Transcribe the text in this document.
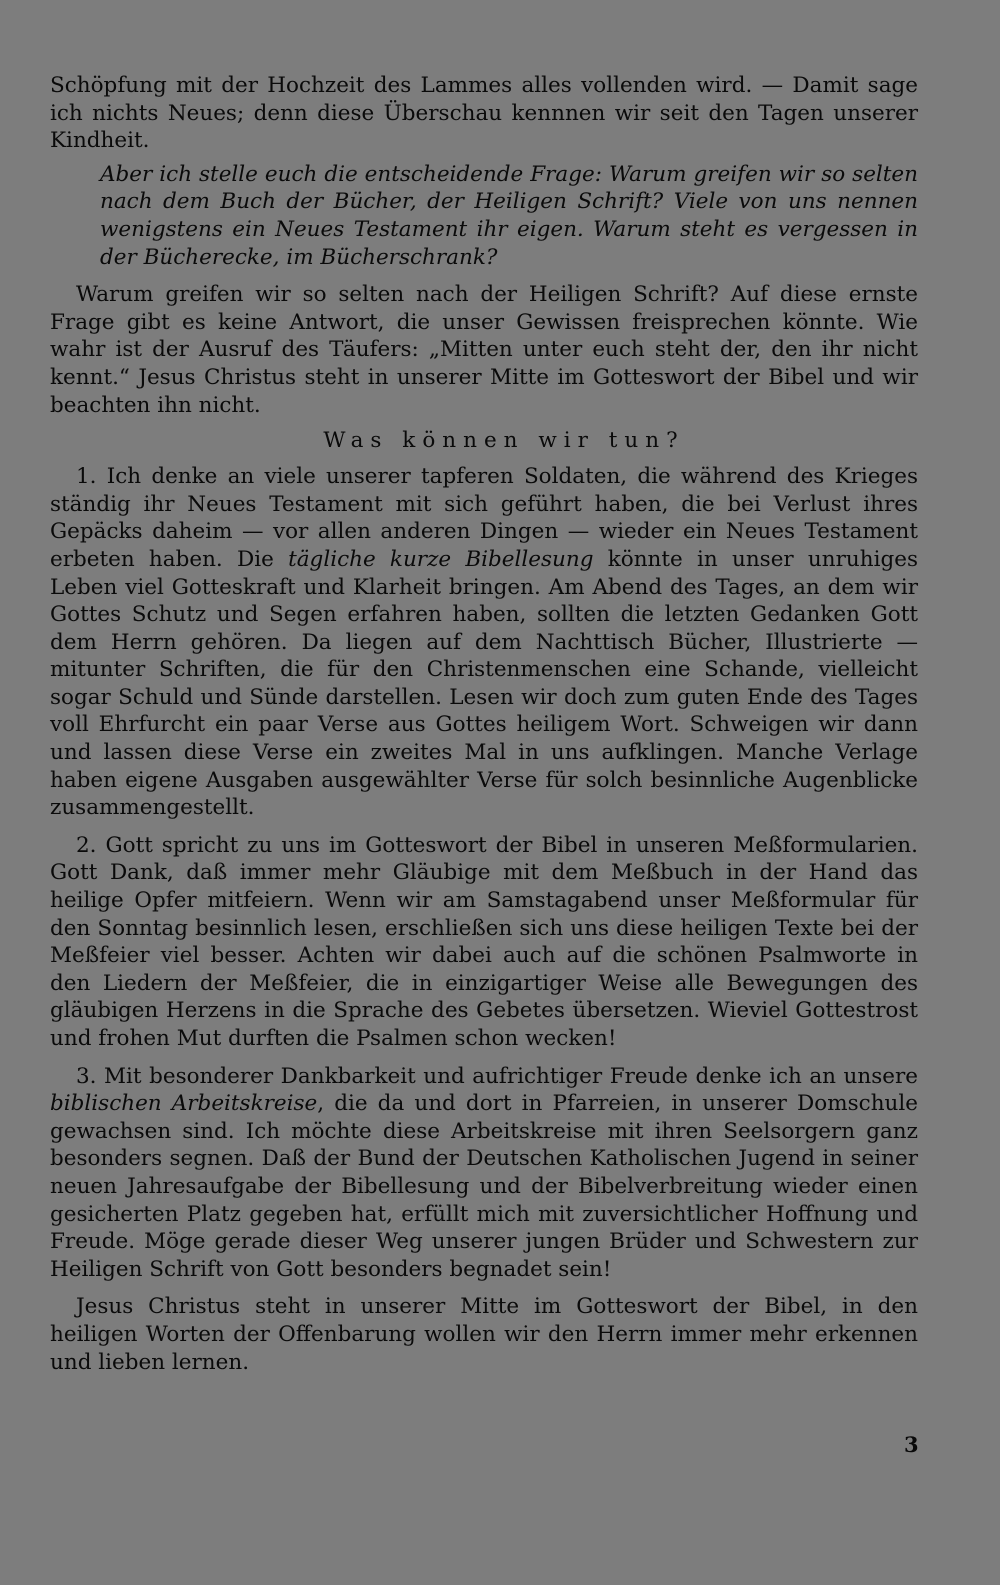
Schöpfung mit der Hochzeit des Lammes alles vollenden wird. — Damit sage ich nichts Neues; denn diese Überschau kennnen wir seit den Tagen unserer Kindheit.

Aber ich stelle euch die entscheidende Frage: Warum greifen wir so selten nach dem Buch der Bücher, der Heiligen Schrift? Viele von uns nennen wenigstens ein Neues Testament ihr eigen. Warum steht es vergessen in der Bücherecke, im Bücherschrank?

Warum greifen wir so selten nach der Heiligen Schrift? Auf diese ernste Frage gibt es keine Antwort, die unser Gewissen freisprechen könnte. Wie wahr ist der Ausruf des Täufers: „Mitten unter euch steht der, den ihr nicht kennt.“ Jesus Christus steht in unserer Mitte im Gotteswort der Bibel und wir beachten ihn nicht.

Was können wir tun?

1. Ich denke an viele unserer tapferen Soldaten, die während des Krieges ständig ihr Neues Testament mit sich geführt haben, die bei Verlust ihres Gepäcks daheim — vor allen anderen Dingen — wieder ein Neues Testament erbeten haben. Die tägliche kurze Bibellesung könnte in unser unruhiges Leben viel Gotteskraft und Klarheit bringen. Am Abend des Tages, an dem wir Gottes Schutz und Segen erfahren haben, sollten die letzten Gedanken Gott dem Herrn gehören. Da liegen auf dem Nachttisch Bücher, Illustrierte — mitunter Schriften, die für den Christenmenschen eine Schande, vielleicht sogar Schuld und Sünde darstellen. Lesen wir doch zum guten Ende des Tages voll Ehrfurcht ein paar Verse aus Gottes heiligem Wort. Schweigen wir dann und lassen diese Verse ein zweites Mal in uns aufklingen. Manche Verlage haben eigene Ausgaben ausgewählter Verse für solch besinnliche Augenblicke zusammengestellt.

2. Gott spricht zu uns im Gotteswort der Bibel in unseren Meßformularien. Gott Dank, daß immer mehr Gläubige mit dem Meßbuch in der Hand das heilige Opfer mitfeiern. Wenn wir am Samstagabend unser Meßformular für den Sonntag besinnlich lesen, erschließen sich uns diese heiligen Texte bei der Meßfeier viel besser. Achten wir dabei auch auf die schönen Psalmworte in den Liedern der Meßfeier, die in einzigartiger Weise alle Bewegungen des gläubigen Herzens in die Sprache des Gebetes übersetzen. Wieviel Gottestrost und frohen Mut durften die Psalmen schon wecken!

3. Mit besonderer Dankbarkeit und aufrichtiger Freude denke ich an unsere biblischen Arbeitskreise, die da und dort in Pfarreien, in unserer Domschule gewachsen sind. Ich möchte diese Arbeitskreise mit ihren Seelsorgern ganz besonders segnen. Daß der Bund der Deutschen Katholischen Jugend in seiner neuen Jahresaufgabe der Bibellesung und der Bibelverbreitung wieder einen gesicherten Platz gegeben hat, erfüllt mich mit zuversichtlicher Hoffnung und Freude. Möge gerade dieser Weg unserer jungen Brüder und Schwestern zur Heiligen Schrift von Gott besonders begnadet sein!

Jesus Christus steht in unserer Mitte im Gotteswort der Bibel, in den heiligen Worten der Offenbarung wollen wir den Herrn immer mehr erkennen und lieben lernen.

3
